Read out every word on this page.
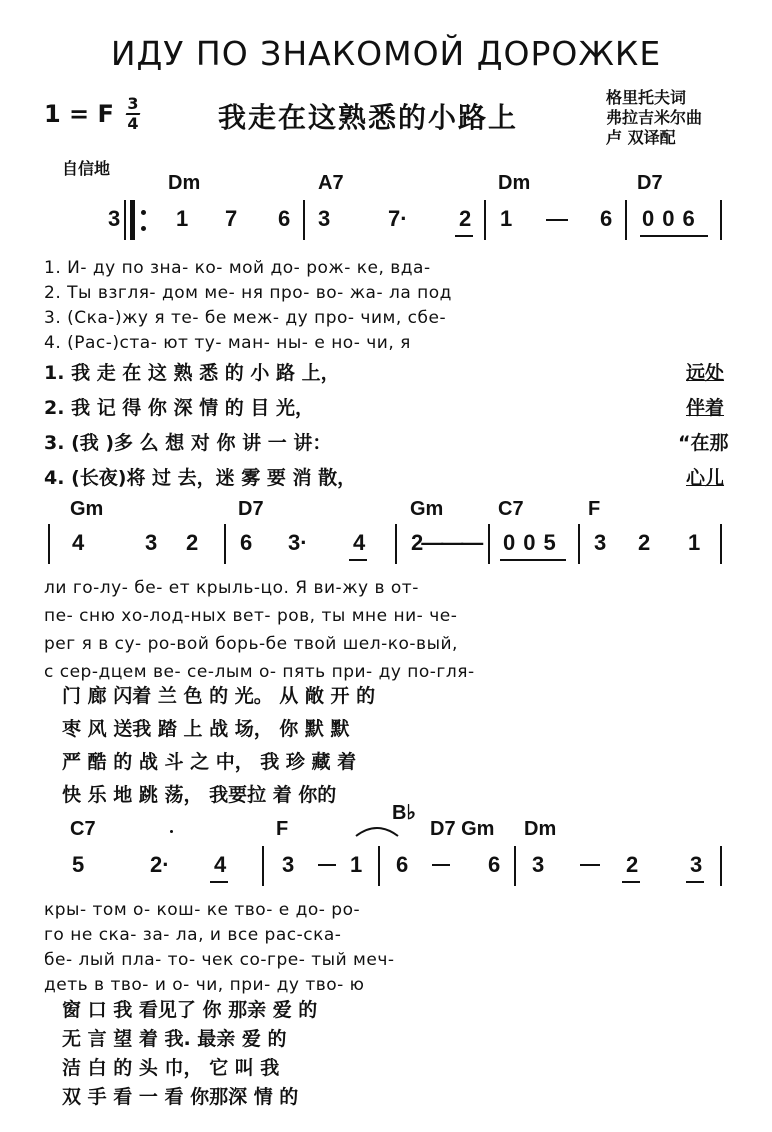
ИДУ ПО ЗНАКОМОЙ ДОРОЖКЕ
1 = F 3
4	我走在这熟悉的小路上
格里托夫词
弗拉吉米尔曲
卢 双译配
自信地
Dm	A7	Dm	D7
3	1 7 6 3	7· 2 1	6 006
1. И- ду по зна- ко- мой до- рож- ке, вда-
2. Ты взгля- дом ме- ня про- во- жа- ла под
3. (Ска-)жу я те- бе меж- ду про- чим, сбе-
4. (Рас-)ста- ют ту- ман- ны- е но- чи, я
1. 我 走 在 这 熟 悉 的 小 路 上，
2. 我 记 得 你 深 情 的 目 光，
3. (我 )多 么 想 对 你 讲 一 讲：
4. (长夜)将 过 去，迷 雾 要 消 散，
远处
伴着
“在那
心儿
Gm	D7	Gm	C7	F
4	3 2 6 3· 4 2——— 005 3 2 1
ли го-лу- бе- ет крыль-цо. Я ви-жу в от-
пе- сню хо-лод-ных вет- ров, ты мне ни- че-
рег я в су- ро-вой борь-бе твой шел-ко-вый,
с сер-дцем ве- се-лым о- пять при- ду по-гля-
门 廊 闪着 兰 色 的 光。 从 敞 开 的
枣 风 送我 踏 上 战 场， 你 默 默
严 酷 的 战 斗 之 中， 我 珍 藏 着
快 乐 地 跳 荡， 我要拉 着 你的
C7	F
B♭
D7 Gm Dm
5	2· 4	3	1 6	6 3	2 3
кры- том о- кош- ке тво- е до- ро-
го не ска- за- ла, и все рас-ска-
бе- лый пла- то- чек со-гре- тый меч-
деть в тво- и о- чи, при- ду тво- ю
窗 口 我 看见了 你 那亲 爱 的
无 言 望 着 我. 最亲 爱 的
洁 白 的 头 巾， 它 叫 我
双 手 看 一 看 你那深 情 的
